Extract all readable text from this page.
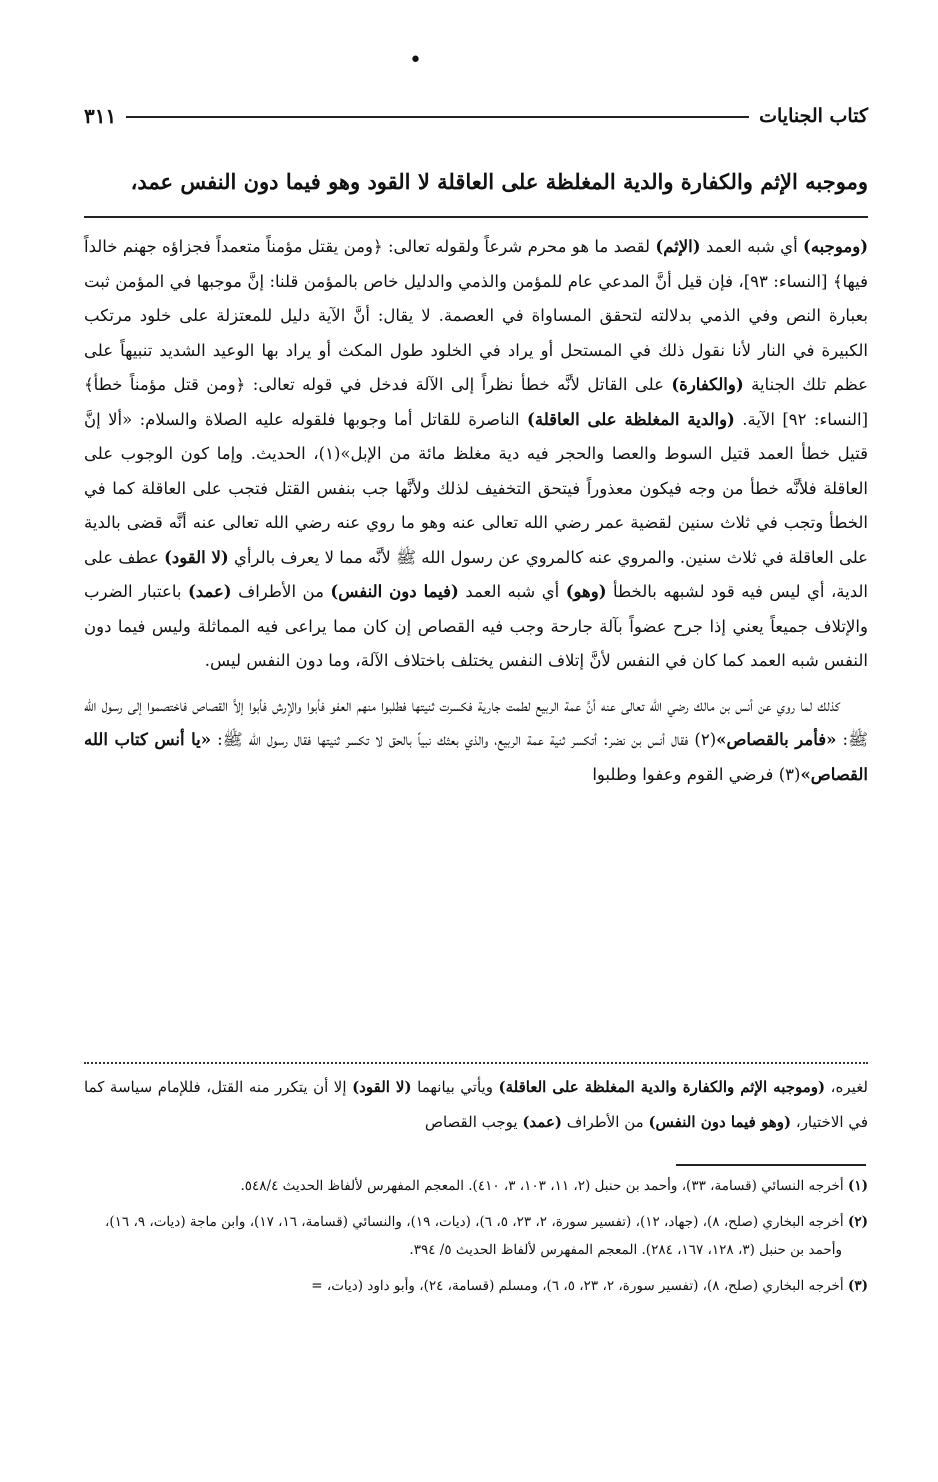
•
كتاب الجنايات
٣١١
وموجبه الإثم والكفارة والدية المغلظة على العاقلة لا القود وهو فيما دون النفس عمد،

(وموجبه) أي شبه العمد (الإثم) لقصد ما هو محرم شرعاً ولقوله تعالى: ﴿ومن يقتل مؤمناً متعمداً فجزاؤه جهنم خالداً فيها﴾ [النساء: ٩٣]، فإن قيل أنَّ المدعي عام للمؤمن والذمي والدليل خاص بالمؤمن قلنا: إنَّ موجبها في المؤمن ثبت بعبارة النص وفي الذمي بدلالته لتحقق المساواة في العصمة. لا يقال: أنَّ الآية دليل للمعتزلة على خلود مرتكب الكبيرة في النار لأنا نقول ذلك في المستحل أو يراد في الخلود طول المكث أو يراد بها الوعيد الشديد تنبيهاً على عظم تلك الجناية (والكفارة) على القاتل لأنَّه خطأ نظراً إلى الآلة فدخل في قوله تعالى: ﴿ومن قتل مؤمناً خطأ﴾ [النساء: ٩٢] الآية. (والدية المغلظة على العاقلة) الناصرة للقاتل أما وجوبها فلقوله عليه الصلاة والسلام: «ألا إنَّ قتيل خطأ العمد قتيل السوط والعصا والحجر فيه دية مغلظ مائة من الإبل»(١)، الحديث. وإما كون الوجوب على العاقلة فلأنَّه خطأ من وجه فيكون معذوراً فيتحق التخفيف لذلك ولأنَّها جب بنفس القتل فتجب على العاقلة كما في الخطأ وتجب في ثلاث سنين لقضية عمر رضي الله تعالى عنه وهو ما روي عنه رضي الله تعالى عنه أنَّه قضى بالدية على العاقلة في ثلاث سنين. والمروي عنه كالمروي عن رسول الله ﷺ لأنَّه مما لا يعرف بالرأي (لا القود) عطف على الدية، أي ليس فيه قود لشبهه بالخطأ (وهو) أي شبه العمد (فيما دون النفس) من الأطراف (عمد) باعتبار الضرب والإتلاف جميعاً يعني إذا جرح عضواً بآلة جارحة وجب فيه القصاص إن كان مما يراعى فيه المماثلة وليس فيما دون النفس شبه العمد كما كان في النفس لأنَّ إتلاف النفس يختلف باختلاف الآلة، وما دون النفس ليس.

كذلك لما روي عن أنس بن مالك رضي الله تعالى عنه أنَّ عمة الربيع لطمت جارية فكسرت ثنيتها فطلبوا منهم العفو فأبوا والإرش فأبوا إلاَّ القصاص فاختصموا إلى رسول الله ﷺ: «فأمر بالقصاص»(٢) فقال أنس بن نضر: أتكسر ثنية عمة الربيع، والذي بعثك نبياً بالحق لا تكسر ثنيتها فقال رسول الله ﷺ: «يا أنس كتاب الله القصاص»(٣) فرضي القوم وعفوا وطلبوا

لغيره، (وموجبه الإثم والكفارة والدية المغلظة على العاقلة) ويأتي بيانهما (لا القود) إلا أن يتكرر منه القتل، فللإمام سياسة كما في الاختيار، (وهو فيما دون النفس) من الأطراف (عمد) يوجب القصاص

(١) أخرجه النسائي (قسامة، ٣٣)، وأحمد بن حنبل (٢، ١١، ١٠٣، ٣، ٤١٠). المعجم المفهرس لألفاظ الحديث ٥٤٨/٤.

(٢) أخرجه البخاري (صلح، ٨)، (جهاد، ١٢)، (تفسير سورة، ٢، ٢٣، ٥، ٦)، (ديات، ١٩)، والنسائي (قسامة، ١٦، ١٧)، وابن ماجة (ديات، ٩، ١٦)، وأحمد بن حنبل (٣، ١٢٨، ١٦٧، ٢٨٤). المعجم المفهرس لألفاظ الحديث ٥/ ٣٩٤.

(٣) أخرجه البخاري (صلح، ٨)، (تفسير سورة، ٢، ٢٣، ٥، ٦)، ومسلم (قسامة، ٢٤)، وأبو داود (ديات، =
